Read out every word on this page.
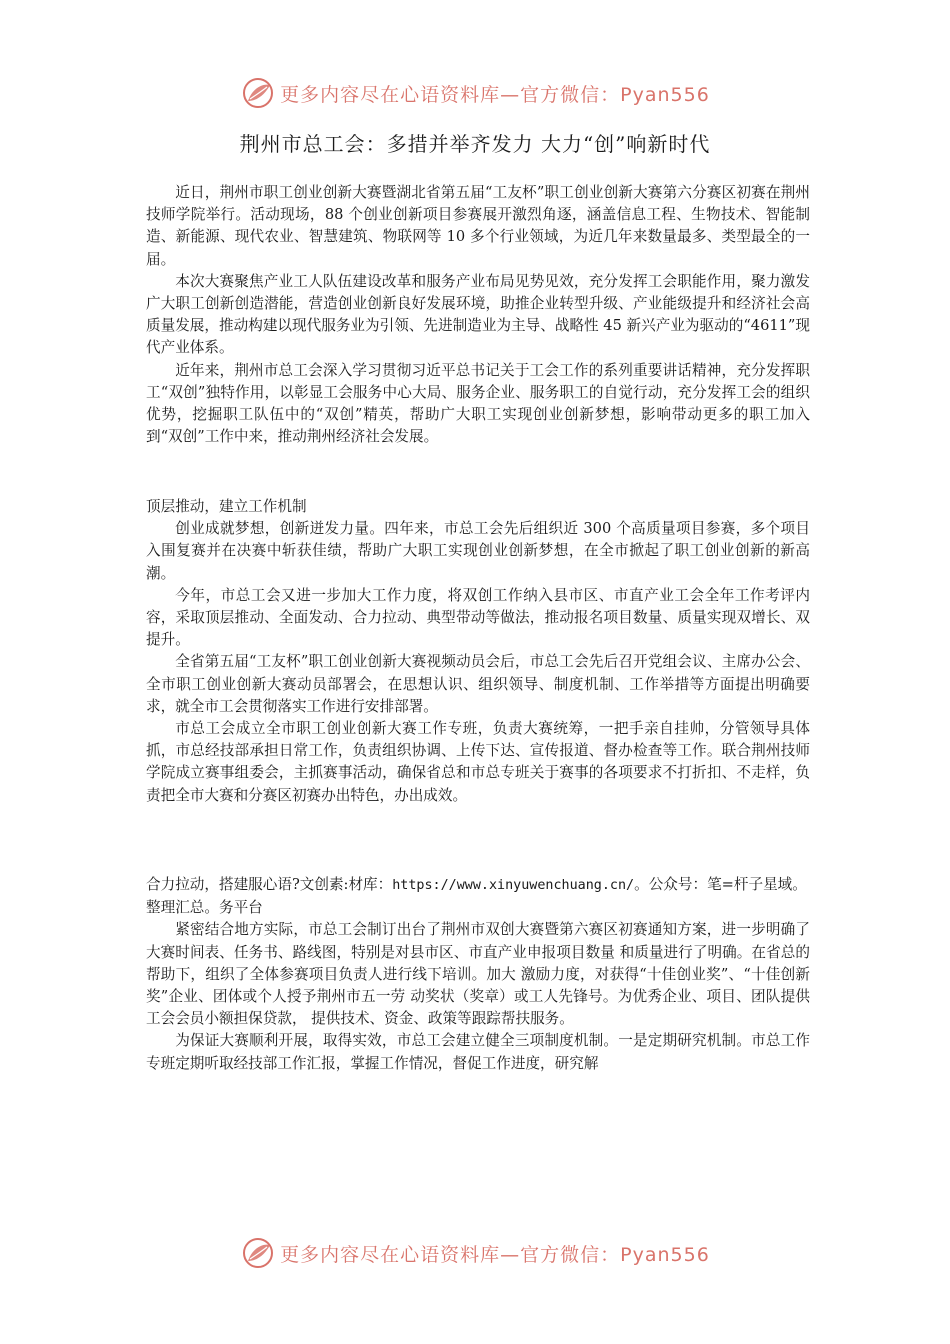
更多内容尽在心语资料库—官方微信：Pyan556
荆州市总工会：多措并举齐发力 大力“创”响新时代

近日，荆州市职工创业创新大赛暨湖北省第五届“工友杯”职工创业创新大赛第六分赛区初赛在荆州技师学院举行。活动现场，88 个创业创新项目参赛展开激烈角逐，涵盖信息工程、生物技术、智能制造、新能源、现代农业、智慧建筑、物联网等 10 多个行业领域，为近几年来数量最多、类型最全的一届。

本次大赛聚焦产业工人队伍建设改革和服务产业布局见势见效，充分发挥工会职能作用，聚力激发广大职工创新创造潜能，营造创业创新良好发展环境，助推企业转型升级、产业能级提升和经济社会高质量发展，推动构建以现代服务业为引领、先进制造业为主导、战略性 45 新兴产业为驱动的“4611”现代产业体系。

近年来，荆州市总工会深入学习贯彻习近平总书记关于工会工作的系列重要讲话精神，充分发挥职工“双创”独特作用，以彰显工会服务中心大局、服务企业、服务职工的自觉行动，充分发挥工会的组织优势，挖掘职工队伍中的“双创”精英，帮助广大职工实现创业创新梦想，影响带动更多的职工加入到“双创”工作中来，推动荆州经济社会发展。

顶层推动，建立工作机制

创业成就梦想，创新迸发力量。四年来，市总工会先后组织近 300 个高质量项目参赛，多个项目入围复赛并在决赛中斩获佳绩，帮助广大职工实现创业创新梦想，在全市掀起了职工创业创新的新高潮。

今年，市总工会又进一步加大工作力度，将双创工作纳入县市区、市直产业工会全年工作考评内容，采取顶层推动、全面发动、合力拉动、典型带动等做法，推动报名项目数量、质量实现双增长、双提升。

全省第五届“工友杯”职工创业创新大赛视频动员会后，市总工会先后召开党组会议、主席办公会、全市职工创业创新大赛动员部署会，在思想认识、组织领导、制度机制、工作举措等方面提出明确要求，就全市工会贯彻落实工作进行安排部署。

市总工会成立全市职工创业创新大赛工作专班，负责大赛统筹，一把手亲自挂帅，分管领导具体抓，市总经技部承担日常工作，负责组织协调、上传下达、宣传报道、督办检查等工作。联合荆州技师学院成立赛事组委会，主抓赛事活动，确保省总和市总专班关于赛事的各项要求不打折扣、不走样，负责把全市大赛和分赛区初赛办出特色，办出成效。

合力拉动，搭建服心语?文创素:材库：https://www.xinyuwenchuang.cn/。公众号：笔=杆子星域。整理汇总。务平台

紧密结合地方实际，市总工会制订出台了荆州市双创大赛暨第六赛区初赛通知方案，进一步明确了大赛时间表、任务书、路线图，特别是对县市区、市直产业申报项目数量 和质量进行了明确。在省总的帮助下，组织了全体参赛项目负责人进行线下培训。加大 激励力度，对获得“十佳创业奖”、“十佳创新奖”企业、团体或个人授予荆州市五一劳 动奖状（奖章）或工人先锋号。为优秀企业、项目、团队提供工会会员小额担保贷款， 提供技术、资金、政策等跟踪帮扶服务。

为保证大赛顺利开展，取得实效，市总工会建立健全三项制度机制。一是定期研究机制。市总工作专班定期听取经技部工作汇报，掌握工作情况，督促工作进度，研究解

更多内容尽在心语资料库—官方微信：Pyan556
